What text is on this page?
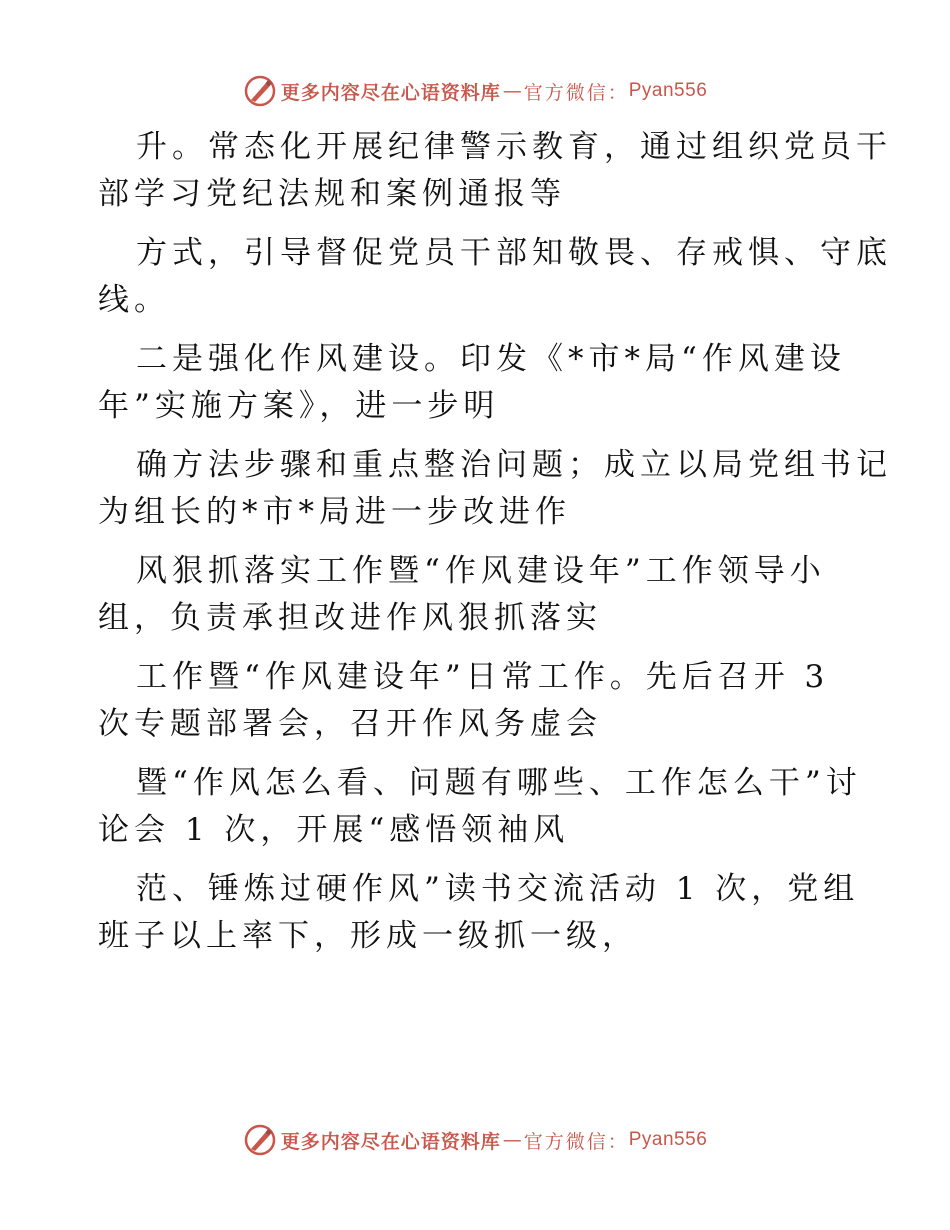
更多内容尽在心语资料库 — 官方微信： Pyan556
升。常态化开展纪律警示教育，通过组织党员干
部学习党纪法规和案例通报等
方式，引导督促党员干部知敬畏、存戒惧、守底
线。
二是强化作风建设。印发《*市*局“作风建设
年”实施方案》，进一步明
确方法步骤和重点整治问题；成立以局党组书记
为组长的*市*局进一步改进作
风狠抓落实工作暨“作风建设年”工作领导小
组，负责承担改进作风狠抓落实
工作暨“作风建设年”日常工作。先后召开 3
次专题部署会，召开作风务虚会
暨“作风怎么看、问题有哪些、工作怎么干”讨
论会 1 次，开展“感悟领袖风
范、锤炼过硬作风”读书交流活动 1 次，党组
班子以上率下，形成一级抓一级，
更多内容尽在心语资料库 — 官方微信： Pyan556
